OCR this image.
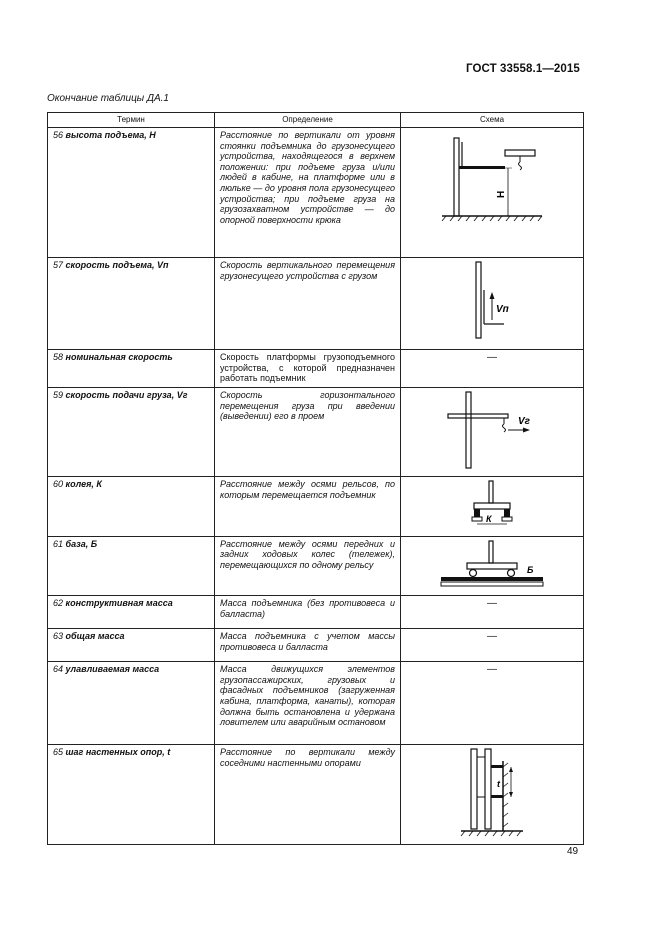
ГОСТ 33558.1—2015
Окончание таблицы ДА.1
Термин	Определение	Схема
56 высота подъема, H	Расстояние по вертикали от уровня стоянки подъемника до грузонесущего устройства, находящегося в верхнем положении: при подъеме груза и/или людей в кабине, на платформе или в люльке — до уровня пола грузонесущего устройства; при подъеме груза на грузозахватном устройстве — до опорной поверхности крюка	H

57 скорость подъема, Vп	Скорость вертикального перемещения грузонесущего устройства с грузом	Vп

58 номинальная скорость	Скорость платформы грузоподъемного устройства, с которой предназначен работать подъемник	—
59 скорость подачи груза, Vг	Скорость горизонтального перемещения груза при введении (выведении) его в проем	Vг

60 колея, К	Расстояние между осями рельсов, по которым перемещается подъемник	К

61 база, Б	Расстояние между осями передних и задних ходовых колес (тележек), перемещающихся по одному рельсу	Б

62 конструктивная масса	Масса подъемника (без противовеса и балласта)	—
63 общая масса	Масса подъемника с учетом массы противовеса и балласта	—
64 улавливаемая масса	Масса движущихся элементов грузопассажирских, грузовых и фасадных подъемников (загруженная кабина, платформа, канаты), которая должна быть остановлена и удержана ловителем или аварийным остановом	—
65 шаг настенных опор, t	Расстояние по вертикали между соседними настенными опорами	t
49
